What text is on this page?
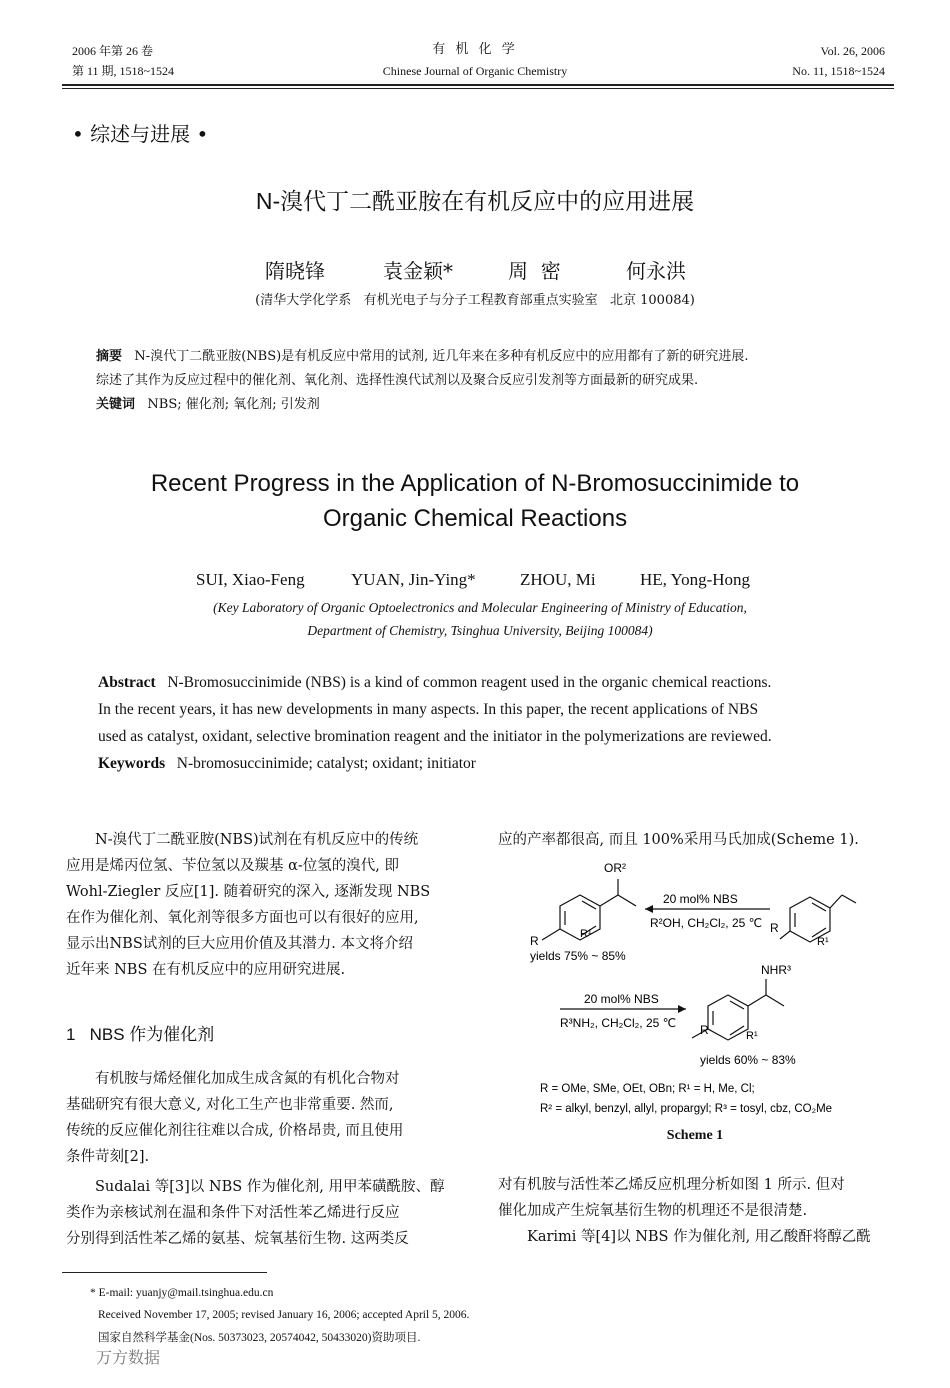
2006 年第 26 卷
第 11 期, 1518~1524
有 机 化 学
Chinese Journal of Organic Chemistry
Vol. 26, 2006
No. 11, 1518~1524
• 综述与进展 •
N-溴代丁二酰亚胺在有机反应中的应用进展
隋晓锋	袁金颖*	周  密	何永洪
(清华大学化学系   有机光电子与分子工程教育部重点实验室   北京 100084)
摘要 N-溴代丁二酰亚胺(NBS)是有机反应中常用的试剂, 近几年来在多种有机反应中的应用都有了新的研究进展.
综述了其作为反应过程中的催化剂、氧化剂、选择性溴代试剂以及聚合反应引发剂等方面最新的研究成果.
关键词 NBS; 催化剂; 氧化剂; 引发剂
Recent Progress in the Application of N-Bromosuccinimide to
Organic Chemical Reactions
SUI, Xiao-Feng	YUAN, Jin-Ying*	ZHOU, Mi	HE, Yong-Hong
(Key Laboratory of Organic Optoelectronics and Molecular Engineering of Ministry of Education,
Department of Chemistry, Tsinghua University, Beijing 100084)
Abstract N-Bromosuccinimide (NBS) is a kind of common reagent used in the organic chemical reactions.
In the recent years, it has new developments in many aspects. In this paper, the recent applications of NBS
used as catalyst, oxidant, selective bromination reagent and the initiator in the polymerizations are reviewed.
Keywords N-bromosuccinimide; catalyst; oxidant; initiator
N-溴代丁二酰亚胺(NBS)试剂在有机反应中的传统
应用是烯丙位氢、苄位氢以及羰基 α-位氢的溴代, 即
Wohl-Ziegler 反应[1]. 随着研究的深入, 逐渐发现 NBS
在作为催化剂、氧化剂等很多方面也可以有很好的应用,
显示出NBS试剂的巨大应用价值及其潜力. 本文将介绍
近年来 NBS 在有机反应中的应用研究进展.
1   NBS 作为催化剂
有机胺与烯烃催化加成生成含氮的有机化合物对
基础研究有很大意义, 对化工生产也非常重要. 然而,
传统的反应催化剂往往难以合成, 价格昂贵, 而且使用
条件苛刻[2].
Sudalai 等[3]以 NBS 作为催化剂, 用甲苯磺酰胺、醇
类作为亲核试剂在温和条件下对活性苯乙烯进行反应
分别得到活性苯乙烯的氨基、烷氧基衍生物. 这两类反
应的产率都很高, 而且 100%采用马氏加成(Scheme 1).
OR²
R	R¹
yields 75% ~ 85%
20 mol% NBS
R²OH, CH₂Cl₂, 25 ℃ R
R¹
20 mol% NBS
R³NH₂, CH₂Cl₂, 25 ℃
NHR³
R	R¹
yields 60% ~ 83%
R = OMe, SMe, OEt, OBn; R¹ = H, Me, Cl;
R² = alkyl, benzyl, allyl, propargyl; R³ = tosyl, cbz, CO₂Me
Scheme 1
对有机胺与活性苯乙烯反应机理分析如图 1 所示. 但对
催化加成产生烷氧基衍生物的机理还不是很清楚.
Karimi 等[4]以 NBS 作为催化剂, 用乙酸酐将醇乙酰
* E-mail: yuanjy@mail.tsinghua.edu.cn
Received November 17, 2005; revised January 16, 2006; accepted April 5, 2006.
国家自然科学基金(Nos. 50373023, 20574042, 50433020)资助项目.
万方数据
